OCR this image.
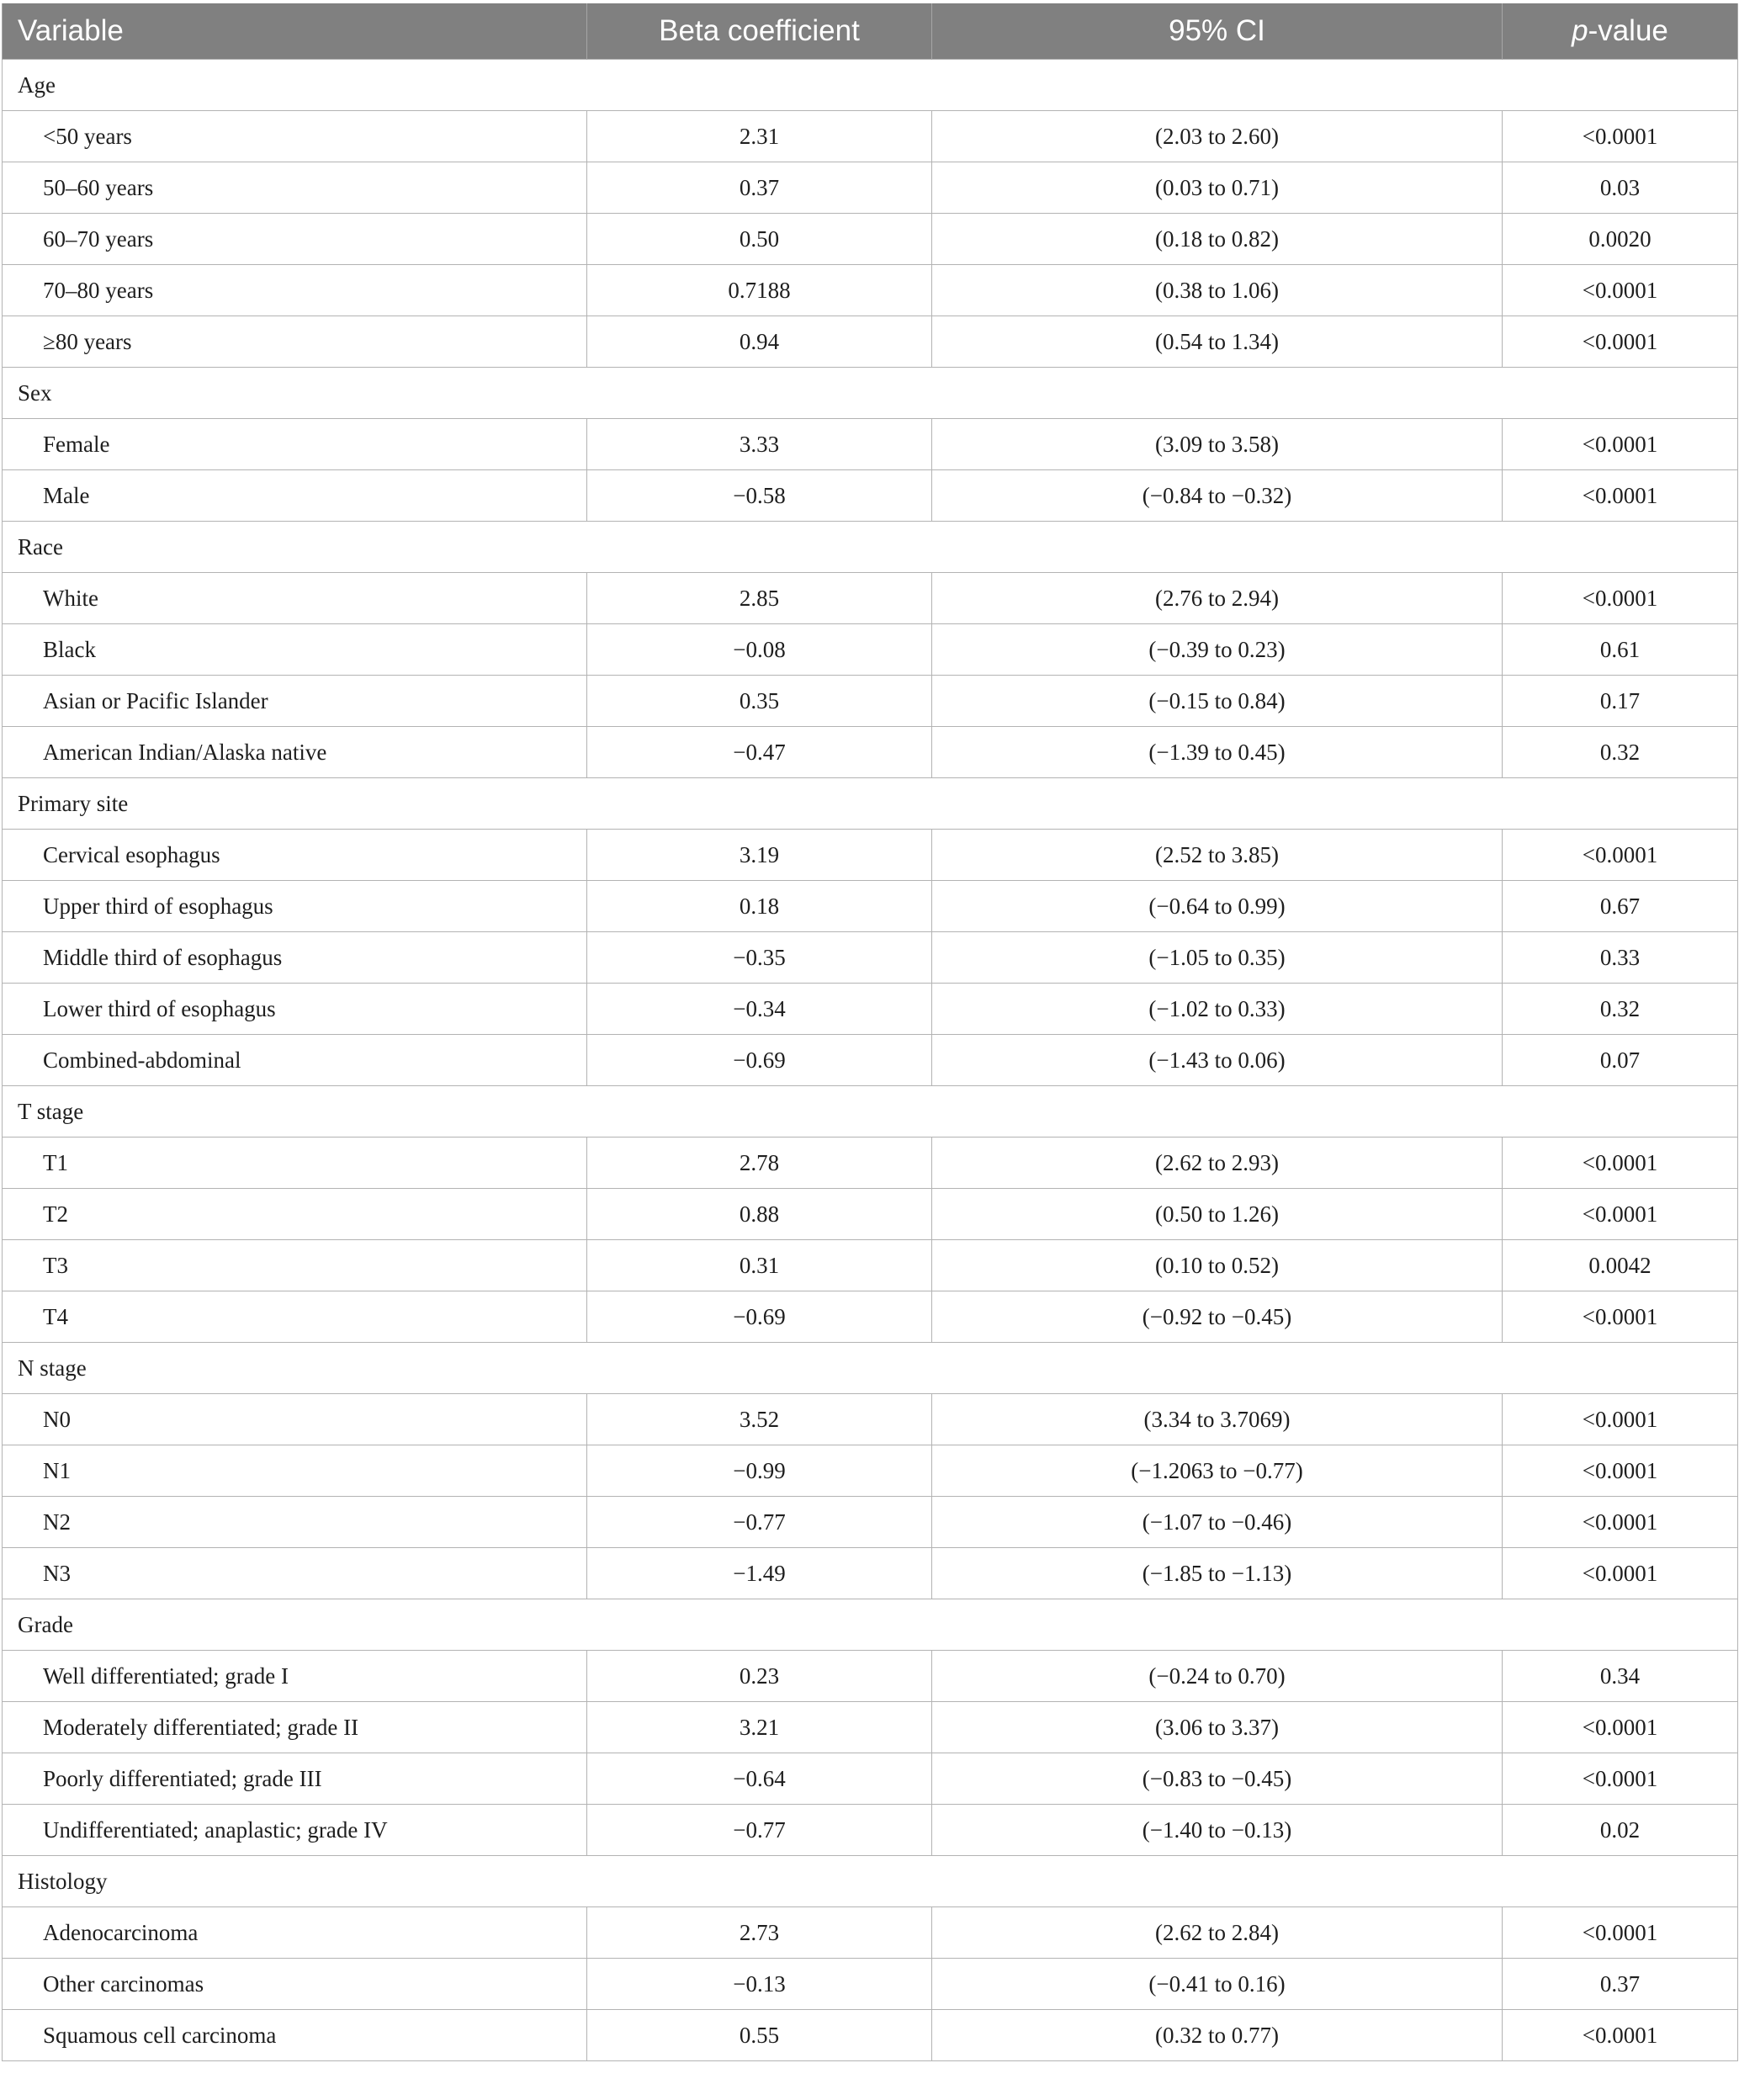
Variable	Beta coefficient	95% CI	p-value
Age			
<50 years	2.31	(2.03 to 2.60)	<0.0001
50–60 years	0.37	(0.03 to 0.71)	0.03
60–70 years	0.50	(0.18 to 0.82)	0.0020
70–80 years	0.7188	(0.38 to 1.06)	<0.0001
≥80 years	0.94	(0.54 to 1.34)	<0.0001
Sex			
Female	3.33	(3.09 to 3.58)	<0.0001
Male	−0.58	(−0.84 to −0.32)	<0.0001
Race			
White	2.85	(2.76 to 2.94)	<0.0001
Black	−0.08	(−0.39 to 0.23)	0.61
Asian or Pacific Islander	0.35	(−0.15 to 0.84)	0.17
American Indian/Alaska native	−0.47	(−1.39 to 0.45)	0.32
Primary site			
Cervical esophagus	3.19	(2.52 to 3.85)	<0.0001
Upper third of esophagus	0.18	(−0.64 to 0.99)	0.67
Middle third of esophagus	−0.35	(−1.05 to 0.35)	0.33
Lower third of esophagus	−0.34	(−1.02 to 0.33)	0.32
Combined-abdominal	−0.69	(−1.43 to 0.06)	0.07
T stage			
T1	2.78	(2.62 to 2.93)	<0.0001
T2	0.88	(0.50 to 1.26)	<0.0001
T3	0.31	(0.10 to 0.52)	0.0042
T4	−0.69	(−0.92 to −0.45)	<0.0001
N stage			
N0	3.52	(3.34 to 3.7069)	<0.0001
N1	−0.99	(−1.2063 to −0.77)	<0.0001
N2	−0.77	(−1.07 to −0.46)	<0.0001
N3	−1.49	(−1.85 to −1.13)	<0.0001
Grade			
Well differentiated; grade I	0.23	(−0.24 to 0.70)	0.34
Moderately differentiated; grade II	3.21	(3.06 to 3.37)	<0.0001
Poorly differentiated; grade III	−0.64	(−0.83 to −0.45)	<0.0001
Undifferentiated; anaplastic; grade IV	−0.77	(−1.40 to −0.13)	0.02
Histology			
Adenocarcinoma	2.73	(2.62 to 2.84)	<0.0001
Other carcinomas	−0.13	(−0.41 to 0.16)	0.37
Squamous cell carcinoma	0.55	(0.32 to 0.77)	<0.0001
